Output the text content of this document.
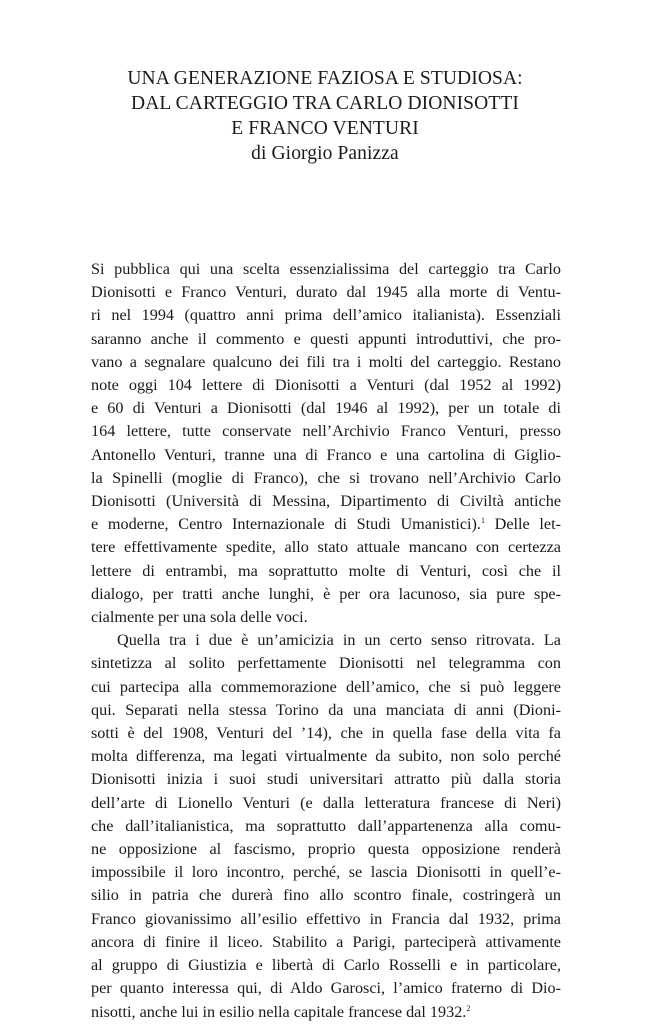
UNA GENERAZIONE FAZIOSA E STUDIOSA:
DAL CARTEGGIO TRA CARLO DIONISOTTI
E FRANCO VENTURI
di Giorgio Panizza
Si pubblica qui una scelta essenzialissima del carteggio tra Carlo
Dionisotti e Franco Venturi, durato dal 1945 alla morte di Ventu-
ri nel 1994 (quattro anni prima dell’amico italianista). Essenziali
saranno anche il commento e questi appunti introduttivi, che pro-
vano a segnalare qualcuno dei fili tra i molti del carteggio. Restano
note oggi 104 lettere di Dionisotti a Venturi (dal 1952 al 1992)
e 60 di Venturi a Dionisotti (dal 1946 al 1992), per un totale di
164 lettere, tutte conservate nell’Archivio Franco Venturi, presso
Antonello Venturi, tranne una di Franco e una cartolina di Giglio-
la Spinelli (moglie di Franco), che si trovano nell’Archivio Carlo
Dionisotti (Università di Messina, Dipartimento di Civiltà antiche
e moderne, Centro Internazionale di Studi Umanistici).$^1$ Delle let-
tere effettivamente spedite, allo stato attuale mancano con certezza
lettere di entrambi, ma soprattutto molte di Venturi, così che il
dialogo, per tratti anche lunghi, è per ora lacunoso, sia pure spe-
cialmente per una sola delle voci.
Quella tra i due è un’amicizia in un certo senso ritrovata. La
sintetizza al solito perfettamente Dionisotti nel telegramma con
cui partecipa alla commemorazione dell’amico, che si può leggere
qui. Separati nella stessa Torino da una manciata di anni (Dioni-
sotti è del 1908, Venturi del ’14), che in quella fase della vita fa
molta differenza, ma legati virtualmente da subito, non solo perché
Dionisotti inizia i suoi studi universitari attratto più dalla storia
dell’arte di Lionello Venturi (e dalla letteratura francese di Neri)
che dall’italianistica, ma soprattutto dall’appartenenza alla comu-
ne opposizione al fascismo, proprio questa opposizione renderà
impossibile il loro incontro, perché, se lascia Dionisotti in quell’e-
silio in patria che durerà fino allo scontro finale, costringerà un
Franco giovanissimo all’esilio effettivo in Francia dal 1932, prima
ancora di finire il liceo. Stabilito a Parigi, parteciperà attivamente
al gruppo di Giustizia e libertà di Carlo Rosselli e in particolare,
per quanto interessa qui, di Aldo Garosci, l’amico fraterno di Dio-
nisotti, anche lui in esilio nella capitale francese dal 1932.$^2$
